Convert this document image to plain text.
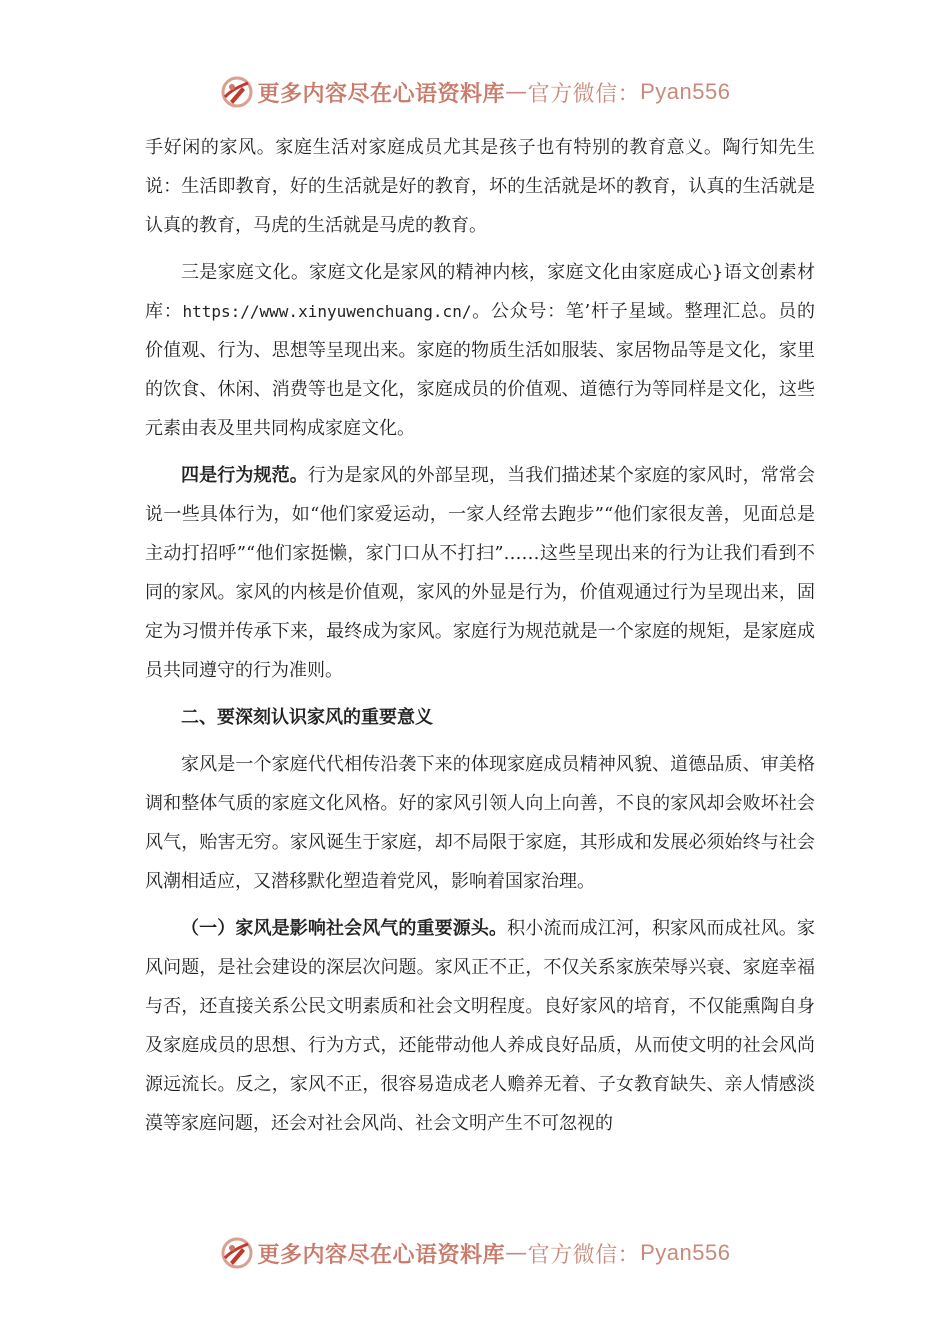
更多内容尽在心语资料库 — 官方微信： Pyan556

手好闲的家风。家庭生活对家庭成员尤其是孩子也有特别的教育意义。陶行知先生说：生活即教育，好的生活就是好的教育，坏的生活就是坏的教育，认真的生活就是认真的教育，马虎的生活就是马虎的教育。

三是家庭文化。家庭文化是家风的精神内核，家庭文化由家庭成心}语文创素材库：https://www.xinyuwenchuang.cn/。公众号：笔’杆子星域。整理汇总。员的价值观、行为、思想等呈现出来。家庭的物质生活如服装、家居物品等是文化，家里的饮食、休闲、消费等也是文化，家庭成员的价值观、道德行为等同样是文化，这些元素由表及里共同构成家庭文化。

四是行为规范。行为是家风的外部呈现，当我们描述某个家庭的家风时，常常会说一些具体行为，如“他们家爱运动，一家人经常去跑步”“他们家很友善，见面总是主动打招呼”“他们家挺懒，家门口从不打扫”……这些呈现出来的行为让我们看到不同的家风。家风的内核是价值观，家风的外显是行为，价值观通过行为呈现出来，固定为习惯并传承下来，最终成为家风。家庭行为规范就是一个家庭的规矩，是家庭成员共同遵守的行为准则。

二、要深刻认识家风的重要意义

家风是一个家庭代代相传沿袭下来的体现家庭成员精神风貌、道德品质、审美格调和整体气质的家庭文化风格。好的家风引领人向上向善，不良的家风却会败坏社会风气，贻害无穷。家风诞生于家庭，却不局限于家庭，其形成和发展必须始终与社会风潮相适应，又潜移默化塑造着党风，影响着国家治理。

（一）家风是影响社会风气的重要源头。积小流而成江河，积家风而成社风。家风问题，是社会建设的深层次问题。家风正不正，不仅关系家族荣辱兴衰、家庭幸福与否，还直接关系公民文明素质和社会文明程度。良好家风的培育，不仅能熏陶自身及家庭成员的思想、行为方式，还能带动他人养成良好品质，从而使文明的社会风尚源远流长。反之，家风不正，很容易造成老人赡养无着、子女教育缺失、亲人情感淡漠等家庭问题，还会对社会风尚、社会文明产生不可忽视的

更多内容尽在心语资料库 — 官方微信： Pyan556
